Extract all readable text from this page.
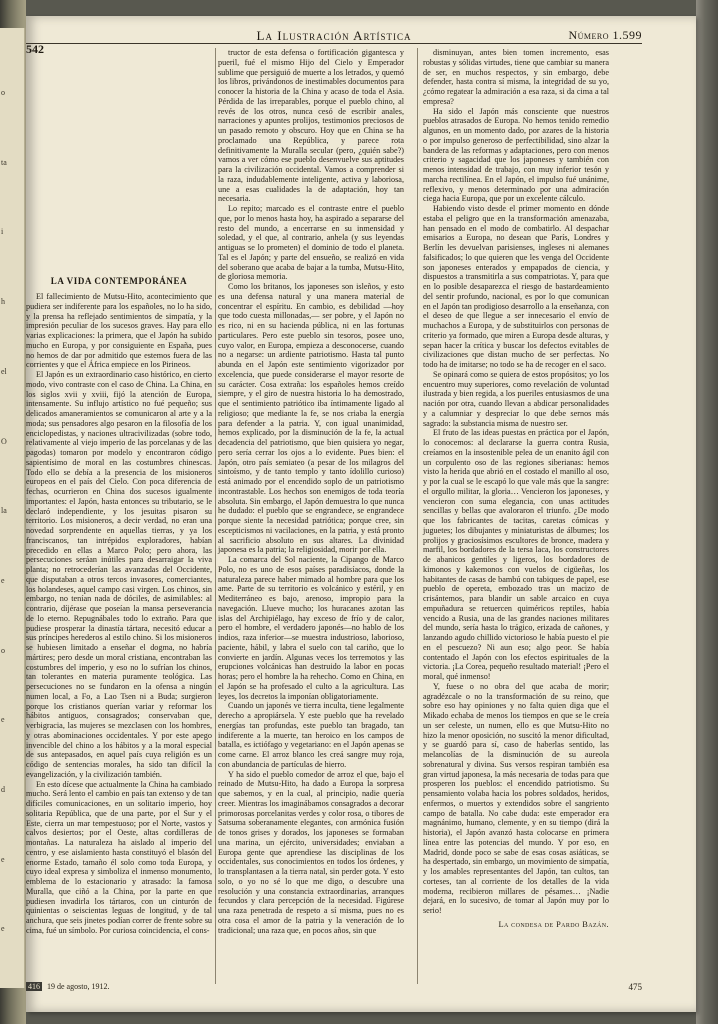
o
ta
i
h
el
O
la
e
o
e
d
e
e
542
La Ilustración Artística	Número 1.599
LA VIDA CONTEMPORÁNEA

El fallecimiento de Mutsu-Hito, acontecimiento que pudiera ser indiferente para los españoles, no lo ha sido, y la prensa ha reflejado sentimientos de simpatía, y la impresión peculiar de los sucesos graves. Hay para ello varias explicaciones: la primera, que el Japón ha subido mucho en Europa, y por consiguiente en España, pues no hemos de dar por admitido que estemos fuera de las corrientes y que el África empiece en los Pirineos.

El Japón es un extraordinario caso histórico, en cierto modo, vivo contraste con el caso de China. La China, en los siglos xvii y xviii, fijó la atención de Europa, intensamente. Su influjo artístico no fué pequeño; sus delicados amaneramientos se comunicaron al arte y a la moda; sus pensadores algo pesaron en la filosofía de los enciclopedistas, y naciones ultracivilizadas (sobre todo, relativamente al viejo imperio de las porcelanas y de las pagodas) tomaron por modelo y encontraron código sapientísimo de moral en las costumbres chinescas. Todo ello se debía a la presencia de los misioneros europeos en el país del Cielo. Con poca diferencia de fechas, ocurrieron en China dos sucesos igualmente importantes: el Japón, hasta entonces su tributario, se le declaró independiente, y los jesuitas pisaron su territorio. Los misioneros, a decir verdad, no eran una novedad sorprendente en aquellas tierras, y ya los franciscanos, tan intrépidos exploradores, habían precedido en ellas a Marco Polo; pero ahora, las persecuciones seráan inútiles para desarraigar la viva planta; no retrocederían las avanzadas del Occidente, que disputaban a otros tercos invasores, comerciantes, los holandeses, aquel campo casi virgen. Los chinos, sin embargo, no tenían nada de dóciles, de asimilables: al contrario, díjérase que poseían la mansa perseverancia de lo eterno. Repugnábales todo lo extraño. Para que pudiese prosperar la dinastía tártara, necesitó educar a sus príncipes herederos al estilo chino. Si los misioneros se hubiesen limitado a enseñar el dogma, no habría mártires; pero desde un moral cristiana, encontraban las costumbres del imperio, y eso no lo sufrían los chinos, tan tolerantes en materia puramente teológica. Las persecuciones no se fundaron en la ofensa a ningún numen local, a Fo, a Lao Tsen ni a Buda; surgieron porque los cristianos querían variar y reformar los hábitos antiguos, consagrados; conservaban que, verbigracia, las mujeres se mezclasen con los hombres, y otras abominaciones occidentales. Y por este apego invencible del chino a los hábitos y a la moral especial de sus antepasados, en aquel país cuya religión es un código de sentencias morales, ha sido tan difícil la evangelización, y la civilización también.

En esto dícese que actualmente la China ha cambiado mucho. Será lento el cambio en país tan extenso y de tan difíciles comunicaciones, en un solitario imperio, hoy solitaria República, que de una parte, por el Sur y el Este, cierra un mar tempestuoso; por el Norte, vastos y calvos desiertos; por el Oeste, altas cordilleras de montañas. La naturaleza ha aislado al imperio del centro, y ese aislamiento hasta constituyó el blasón del enorme Estado, tamaño él solo como toda Europa, y cuyo ideal expresa y simboliza el inmenso monumento, emblema de lo estacionario y atrasado: la famosa Muralla, que ciñó a la China, por la parte en que pudiesen invadirla los tártaros, con un cinturón de quinientas o seiscientas leguas de longitud, y de tal anchura, que seis jinetes podían correr de frente sobre su cima, fué un símbolo. Por curiosa coincidencia, el cons-

tructor de esta defensa o fortificación gigantesca y pueril, fué el mismo Hijo del Cielo y Emperador sublime que persiguió de muerte a los letrados, y quemó los libros, privándonos de inestimables documentos para conocer la historia de la China y acaso de toda el Asia. Pérdida de las irreparables, porque el pueblo chino, al revés de los otros, nunca cesó de escribir anales, narraciones y apuntes prolijos, testimonios preciosos de un pasado remoto y obscuro. Hoy que en China se ha proclamado una República, y parece rota definitivamente la Muralla secular (pero, ¿quién sabe?) vamos a ver cómo ese pueblo desenvuelve sus aptitudes para la civilización occidental. Vamos a comprender si la raza, indudablemente inteligente, activa y laboriosa, une a esas cualidades la de adaptación, hoy tan necesaria.

Lo repito; marcado es el contraste entre el pueblo que, por lo menos hasta hoy, ha aspirado a separarse del resto del mundo, a encerrarse en su inmensidad y soledad, y el que, al contrario, anhela (y sus leyendas antiguas se lo prometen) el dominio de todo el planeta. Tal es el Japón; y parte del ensueño, se realizó en vida del soberano que acaba de bajar a la tumba, Mutsu-Hito, de gloriosa memoria.

Como los britanos, los japoneses son isleños, y esto es una defensa natural y una manera material de concentrar el espíritu. En cambio, es debilidad —hoy que todo cuesta millonadas,— ser pobre, y el Japón no es rico, ni en su hacienda pública, ni en las fortunas particulares. Pero este pueblo sin tesoros, posee uno, cuyo valor, en Europa, empieza a desconocerse, cuando no a negarse: un ardiente patriotismo. Hasta tal punto abunda en el Japón este sentimiento vigorizador por excelencia, que puede considerarse el mayor resorte de su carácter. Cosa extraña: los españoles hemos creído siempre, y el giro de nuestra historia lo ha demostrado, que el sentimiento patriótico iba íntimamente ligado al religioso; que mediante la fe, se nos criaba la energía para defender a la patria. Y, con igual unanimidad, hemos explicado, por la disminución de la fe, la actual decadencia del patriotismo, que bien quisiera yo negar, pero sería cerrar los ojos a lo evidente. Pues bien: el Japón, otro país semiateo (a pesar de los milagros del sintoísmo, y de tanto templo y tanto ídolillo curioso) está animado por el encendido soplo de un patriotismo incontrastable. Los hechos son enemigos de toda teoría absoluta. Sin embargo, el Japón demuestra lo que nunca he dudado: el pueblo que se engrandece, se engrandece porque siente la necesidad patriótica; porque cree, sin escepticismos ni vacilaciones, en la patria, y está pronto al sacrificio absoluto en sus altares. La divinidad japonesa es la patria; la religiosidad, morir por ella.

La comarca del Sol naciente, la Cipango de Marco Polo, no es uno de esos países paradisíacos, donde la naturaleza parece haber mimado al hombre para que los ame. Parte de su territorio es volcánico y estéril, y en Mediterráneo es bajo, arenoso, impropio para la navegación. Llueve mucho; los huracanes azotan las islas del Archipiélago, hay exceso de frío y de calor, pero el hombre, el verdadero japonés—no hablo de los indios, raza inferior—se muestra industrioso, laborioso, paciente, hábil, y labra el suelo con tal cariño, que lo convierte en jardín. Algunas veces los terremotos y las erupciones volcánicas han destruido la labor en pocas horas; pero el hombre la ha rehecho. Como en China, en el Japón se ha profesado el culto a la agricultura. Las leyes, los decretos la imponían obligatoriamente.

Cuando un japonés ve tierra inculta, tiene legalmente derecho a apropiársela. Y este pueblo que ha revelado energías tan profundas, este pueblo tan bragado, tan indiferente a la muerte, tan heroico en los campos de batalla, es ictiófago y vegetariano: en el Japón apenas se come carne. El arroz blanco les creá sangre muy roja, con abundancia de partículas de hierro.

Y ha sido el pueblo comedor de arroz el que, bajo el reinado de Mutsu-Hito, ha dado a Europa la sorpresa que sabemos, y en la cual, al principio, nadie quería creer. Mientras los imaginábamos consagrados a decorar primorosas porcelanitas verdes y color rosa, o tibores de Satsuma soberanamente elegantes, con armónica fusión de tonos grises y dorados, los japoneses se formaban una marina, un ejército, universidades; enviaban a Europa gente que aprendiese las disciplinas de los occidentales, sus conocimientos en todos los órdenes, y lo transplantasen a la tierra natal, sin perder gota. Y esto solo, o yo no sé lo que me digo, o descubre una resolución y una constancia extraordinarias, arranques fecundos y clara percepción de la necesidad. Figúrese una raza penetrada de respeto a sí misma, pues no es otra cosa el amor de la patria y la veneración de lo tradicional; una raza que, en pocos años, sin que

disminuyan, antes bien tomen incremento, esas robustas y sólidas virtudes, tiene que cambiar su manera de ser, en muchos respectos, y sin embargo, debe defender, hasta contra sí misma, la integridad de su yo, ¿cómo regatear la admiración a esa raza, si da cima a tal empresa?

Ha sido el Japón más consciente que nuestros pueblos atrasados de Europa. No hemos tenido remedio algunos, en un momento dado, por azares de la historia o por impulso generoso de perfectibilidad, sino alzar la bandera de las reformas y adaptaciones, pero con menos criterio y sagacidad que los japoneses y también con menos intensidad de trabajo, con muy inferior tesón y marcha rectilínea. En el Japón, el impulso fué unánime, reflexivo, y menos determinado por una admiración ciega hacia Europa, que por un excelente cálculo.

Habiendo visto desde el primer momento en dónde estaba el peligro que en la transformación amenazaba, han pensado en el modo de combatirlo. Al despachar emisarios a Europa, no desean que París, Londres y Berlín les devuelvan parisienses, ingleses ni alemanes falsificados; lo que quieren que les venga del Occidente son japoneses enterados y empapados de ciencia, y dispuestos a transmitirla a sus compatriotas. Y, para que en lo posible desaparezca el riesgo de bastardeamiento del sentir profundo, nacional, es por lo que comunican en el Japón tan prodigioso desarrollo a la enseñanza, con el deseo de que llegue a ser innecesario el envío de muchachos a Europa, y de substituirlos con personas de criterio ya formado, que miren a Europa desde alturas, y sepan hacer la crítica y buscar los defectos evitables de civilizaciones que distan mucho de ser perfectas. No todo ha de imitarse; no todo se ha de recoger en el saco.

Se opinará como se quiera de estos propósitos; yo los encuentro muy superiores, como revelación de voluntad ilustrada y bien regida, a los pueriles entusiasmos de una nación por otra, cuando llevan a abdicar personalidades y a calumniar y despreciar lo que debe sernos más sagrado: la substancia misma de nuestro ser.

El fruto de las ideas puestas en práctica por el Japón, lo conocemos: al declararse la guerra contra Rusia, creíamos en la insostenible pelea de un enanito ágil con un corpulento oso de las regiones siberianas: hemos visto la herida que abrió en el costado el manillo al oso, y por la cual se le escapó lo que vale más que la sangre: el orgullo militar, la gloria… Vencieron los japoneses, y vencieron con suma elegancia, con unas actitudes sencillas y bellas que avaloraron el triunfo. ¿De modo que los fabricantes de tacitas, caretas cómicas y juguetes; los dibujantes y miniaturistas de álbumes; los prolijos y graciosísimos escultores de bronce, madera y marfil, los bordadores de la tersa laca, los constructores de abanicos gentiles y ligeros, los bordadores de kimonos y kakemonos con vuelos de cigüeñas, los habitantes de casas de bambú con tabiques de papel, ese pueblo de opereta, embozado tras un macizo de crisántemos, para blandir un sable arcaico en cuya empuñadura se retuercen quiméricos reptiles, había vencido a Rusia, una de las grandes naciones militares del mundo, sería hasta lo trágico, erizada de cañones, y lanzando agudo chillido victorioso le había puesto el pie en el pescuezo? Ni aun eso; algo peor. Se había contentado el Japón con los efectos espirituales de la victoria. ¡La Corea, pequeño resultado material! ¡Pero el moral, qué inmenso!

Y, fuese o no obra del que acaba de morir; agradézcale o no la transformación de su reino, que sobre eso hay opiniones y no falta quien diga que el Mikado echaba de menos los tiempos en que se le creía un ser celeste, un numen, ello es que Mutsu-Hito no hizo la menor oposición, no suscitó la menor dificultad, y se guardó para sí, caso de haberlas sentido, las melancolías de la disminución de su aureola sobrenatural y divina. Sus versos respiran también esa gran virtud japonesa, la más necesaria de todas para que prosperen los pueblos: el encendido patriotismo. Su pensamiento volaba hacia los pobres soldados, heridos, enfermos, o muertos y extendidos sobre el sangriento campo de batalla. No cabe duda: este emperador era magnánimo, humano, clemente, y en su tiempo (dirá la historia), el Japón avanzó hasta colocarse en primera línea entre las potencias del mundo. Y por eso, en Madrid, donde poco se sabe de esas cosas asiáticas, se ha despertado, sin embargo, un movimiento de simpatía, y los amables representantes del Japón, tan cultos, tan corteses, tan al corriente de los detalles de la vida moderna, recibieron millares de pésames… ¡Nadie dejará, en lo sucesivo, de tomar al Japón muy por lo serio!

La condesa de Pardo Bazán.
416 19 de agosto, 1912.	475
